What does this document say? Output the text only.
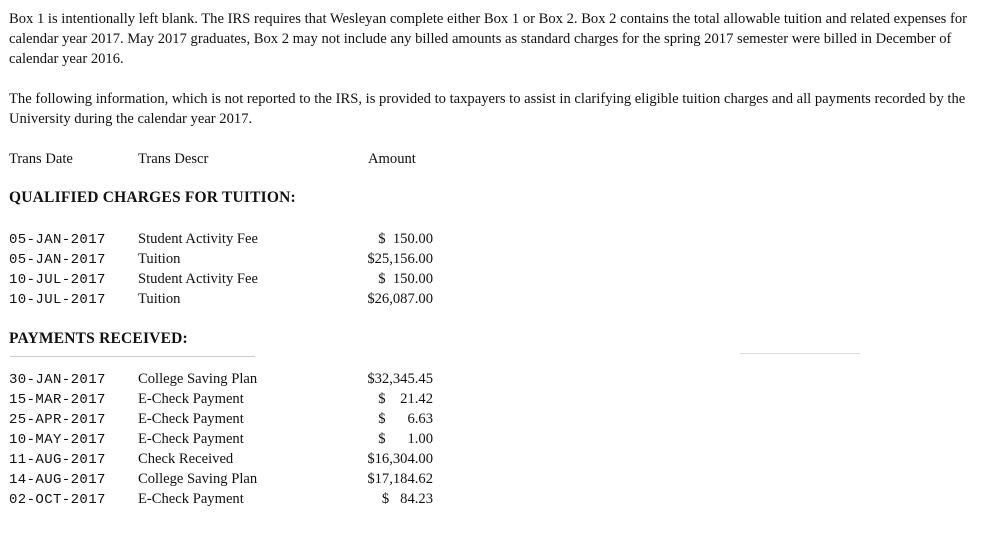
Box 1 is intentionally left blank. The IRS requires that Wesleyan complete either Box 1 or Box 2. Box 2 contains the total allowable tuition and related expenses for calendar year 2017. May 2017 graduates, Box 2 may not include any billed amounts as standard charges for the spring 2017 semester were billed in December of calendar year 2016.

The following information, which is not reported to the IRS, is provided to taxpayers to assist in clarifying eligible tuition charges and all payments recorded by the University during the calendar year 2017.

Trans Date	Trans Descr	Amount
QUALIFIED CHARGES FOR TUITION:
05-JAN-2017 Student Activity Fee	$  150.00
05-JAN-2017 Tuition	$25,156.00
10-JUL-2017 Student Activity Fee	$  150.00
10-JUL-2017 Tuition	$26,087.00
PAYMENTS RECEIVED:
30-JAN-2017 College Saving Plan	$32,345.45
15-MAR-2017 E-Check Payment	$    21.42
25-APR-2017 E-Check Payment	$      6.63
10-MAY-2017 E-Check Payment	$      1.00
11-AUG-2017 Check Received	$16,304.00
14-AUG-2017 College Saving Plan	$17,184.62
02-OCT-2017 E-Check Payment	$   84.23
